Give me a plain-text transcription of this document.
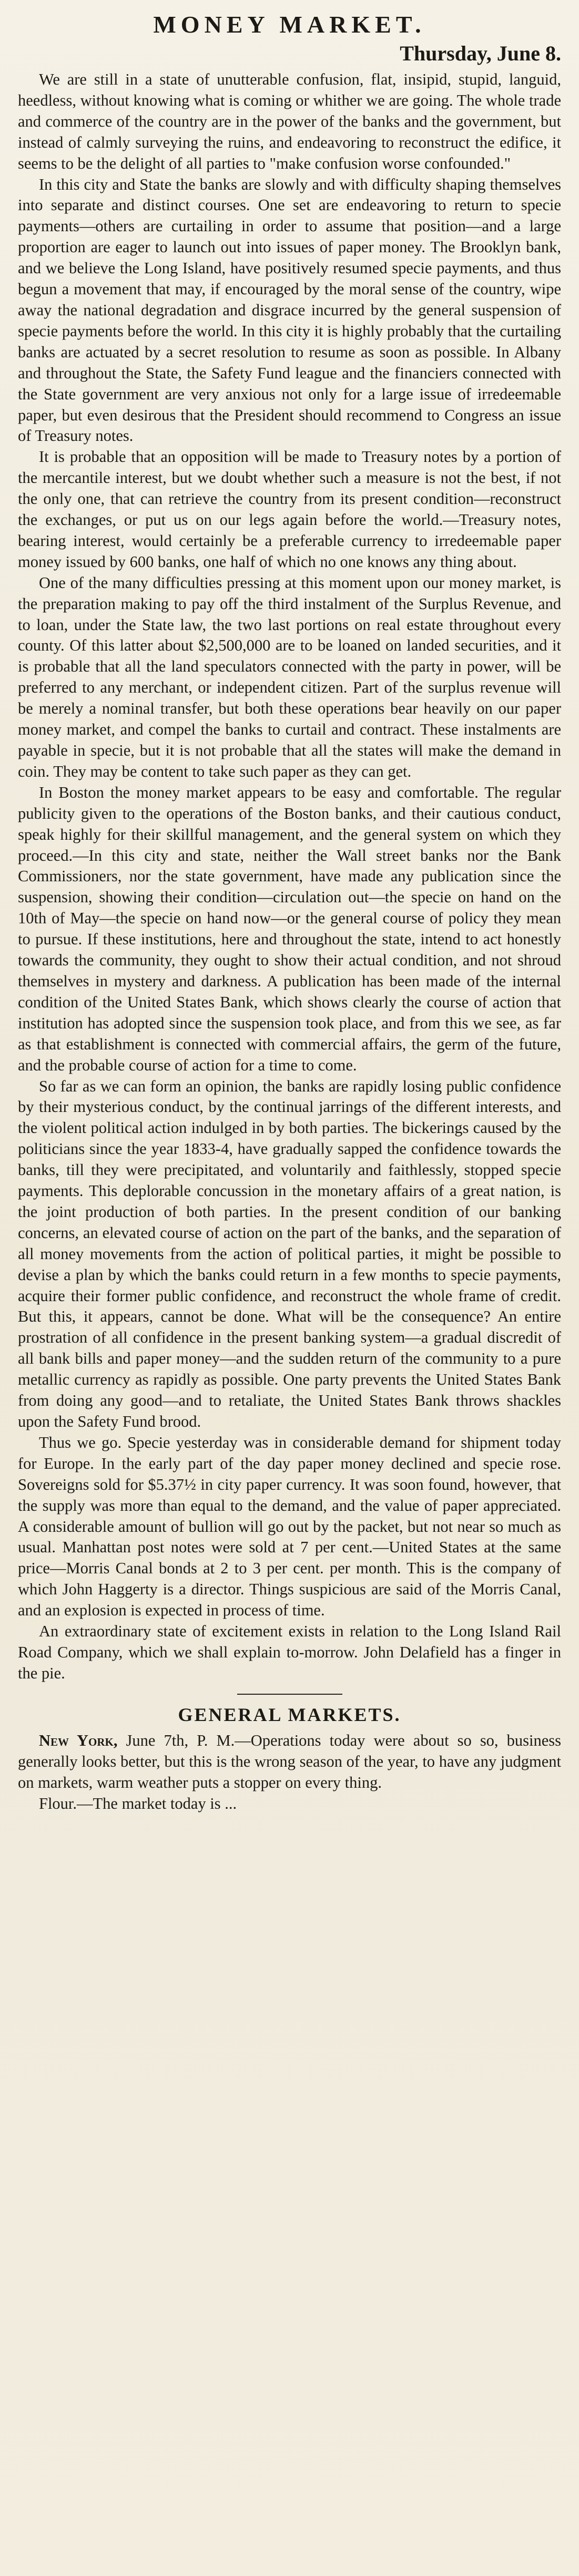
MONEY MARKET.
Thursday, June 8.

We are still in a state of unutterable confusion, flat, insipid, stupid, languid, heedless, without knowing what is coming or whither we are going. The whole trade and commerce of the country are in the power of the banks and the government, but instead of calmly surveying the ruins, and endeavoring to reconstruct the edifice, it seems to be the delight of all parties to "make confusion worse confounded."

In this city and State the banks are slowly and with difficulty shaping themselves into separate and distinct courses. One set are endeavoring to return to specie payments—others are curtailing in order to assume that position—and a large proportion are eager to launch out into issues of paper money. The Brooklyn bank, and we believe the Long Island, have positively resumed specie payments, and thus begun a movement that may, if encouraged by the moral sense of the country, wipe away the national degradation and disgrace incurred by the general suspension of specie payments before the world. In this city it is highly probably that the curtailing banks are actuated by a secret resolution to resume as soon as possible. In Albany and throughout the State, the Safety Fund league and the financiers connected with the State government are very anxious not only for a large issue of irredeemable paper, but even desirous that the President should recommend to Congress an issue of Treasury notes.

It is probable that an opposition will be made to Treasury notes by a portion of the mercantile interest, but we doubt whether such a measure is not the best, if not the only one, that can retrieve the country from its present condition—reconstruct the exchanges, or put us on our legs again before the world.—Treasury notes, bearing interest, would certainly be a preferable currency to irredeemable paper money issued by 600 banks, one half of which no one knows any thing about.

One of the many difficulties pressing at this moment upon our money market, is the preparation making to pay off the third instalment of the Surplus Revenue, and to loan, under the State law, the two last portions on real estate throughout every county. Of this latter about $2,500,000 are to be loaned on landed securities, and it is probable that all the land speculators connected with the party in power, will be preferred to any merchant, or independent citizen. Part of the surplus revenue will be merely a nominal transfer, but both these operations bear heavily on our paper money market, and compel the banks to curtail and contract. These instalments are payable in specie, but it is not probable that all the states will make the demand in coin. They may be content to take such paper as they can get.

In Boston the money market appears to be easy and comfortable. The regular publicity given to the operations of the Boston banks, and their cautious conduct, speak highly for their skillful management, and the general system on which they proceed.—In this city and state, neither the Wall street banks nor the Bank Commissioners, nor the state government, have made any publication since the suspension, showing their condition—circulation out—the specie on hand on the 10th of May—the specie on hand now—or the general course of policy they mean to pursue. If these institutions, here and throughout the state, intend to act honestly towards the community, they ought to show their actual condition, and not shroud themselves in mystery and darkness. A publication has been made of the internal condition of the United States Bank, which shows clearly the course of action that institution has adopted since the suspension took place, and from this we see, as far as that establishment is connected with commercial affairs, the germ of the future, and the probable course of action for a time to come.

So far as we can form an opinion, the banks are rapidly losing public confidence by their mysterious conduct, by the continual jarrings of the different interests, and the violent political action indulged in by both parties. The bickerings caused by the politicians since the year 1833-4, have gradually sapped the confidence towards the banks, till they were precipitated, and voluntarily and faithlessly, stopped specie payments. This deplorable concussion in the monetary affairs of a great nation, is the joint production of both parties. In the present condition of our banking concerns, an elevated course of action on the part of the banks, and the separation of all money movements from the action of political parties, it might be possible to devise a plan by which the banks could return in a few months to specie payments, acquire their former public confidence, and reconstruct the whole frame of credit. But this, it appears, cannot be done. What will be the consequence? An entire prostration of all confidence in the present banking system—a gradual discredit of all bank bills and paper money—and the sudden return of the community to a pure metallic currency as rapidly as possible. One party prevents the United States Bank from doing any good—and to retaliate, the United States Bank throws shackles upon the Safety Fund brood.

Thus we go. Specie yesterday was in considerable demand for shipment today for Europe. In the early part of the day paper money declined and specie rose. Sovereigns sold for $5.37½ in city paper currency. It was soon found, however, that the supply was more than equal to the demand, and the value of paper appreciated. A considerable amount of bullion will go out by the packet, but not near so much as usual. Manhattan post notes were sold at 7 per cent.—United States at the same price—Morris Canal bonds at 2 to 3 per cent. per month. This is the company of which John Haggerty is a director. Things suspicious are said of the Morris Canal, and an explosion is expected in process of time.

An extraordinary state of excitement exists in relation to the Long Island Rail Road Company, which we shall explain to-morrow. John Delafield has a finger in the pie.

GENERAL MARKETS.

New York, June 7th, P. M.—Operations today were about so so, business generally looks better, but this is the wrong season of the year, to have any judgment on markets, warm weather puts a stopper on every thing.

Flour.—The market today is ...
